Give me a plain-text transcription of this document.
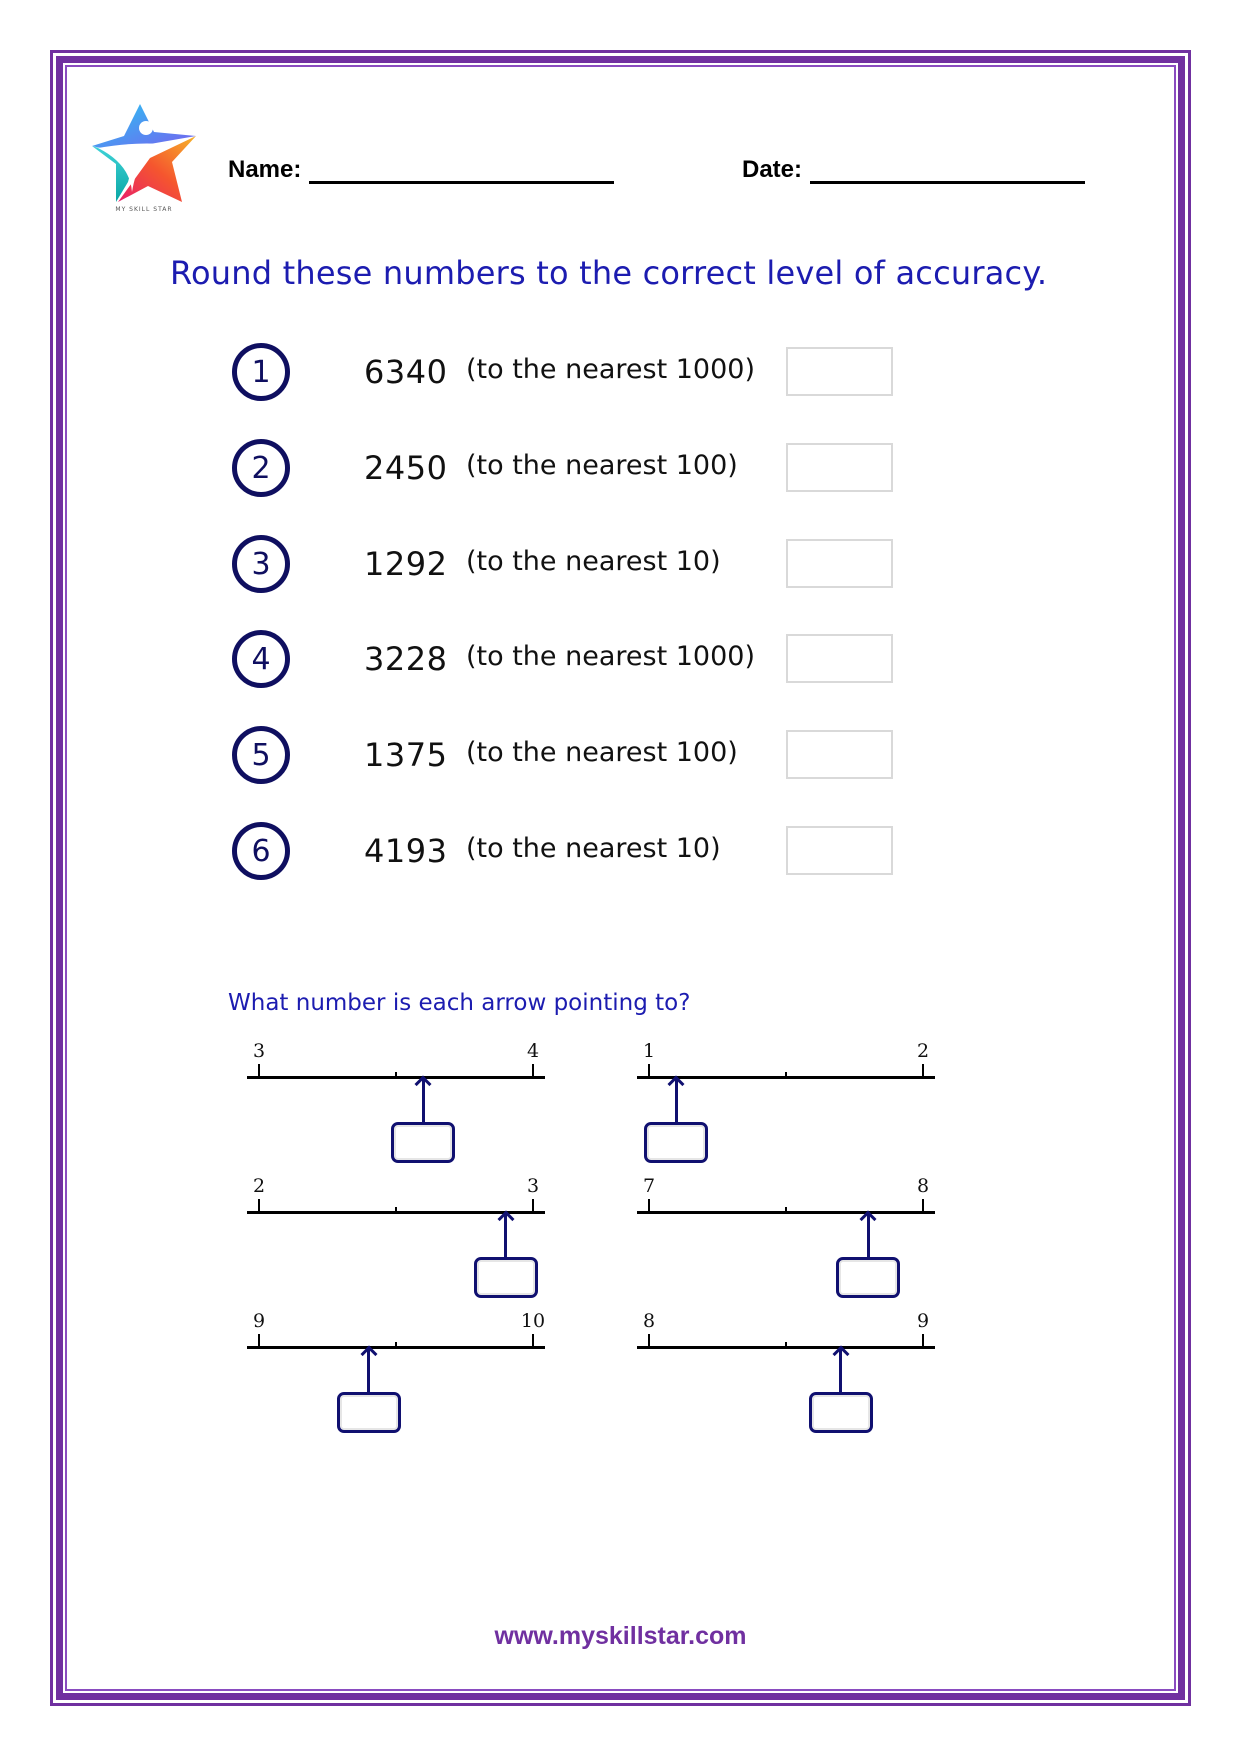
MY SKILL STAR
Name:	Date:
Round these numbers to the correct level of accuracy.
1	6340 (to the nearest 1000)
2	2450 (to the nearest 100)
3	1292 (to the nearest 10)
4	3228 (to the nearest 1000)
5	1375 (to the nearest 100)
6	4193 (to the nearest 10)
What number is each arrow pointing to?
3	4	1	2
2	3	7	8
9	10	8	9
www.myskillstar.com
